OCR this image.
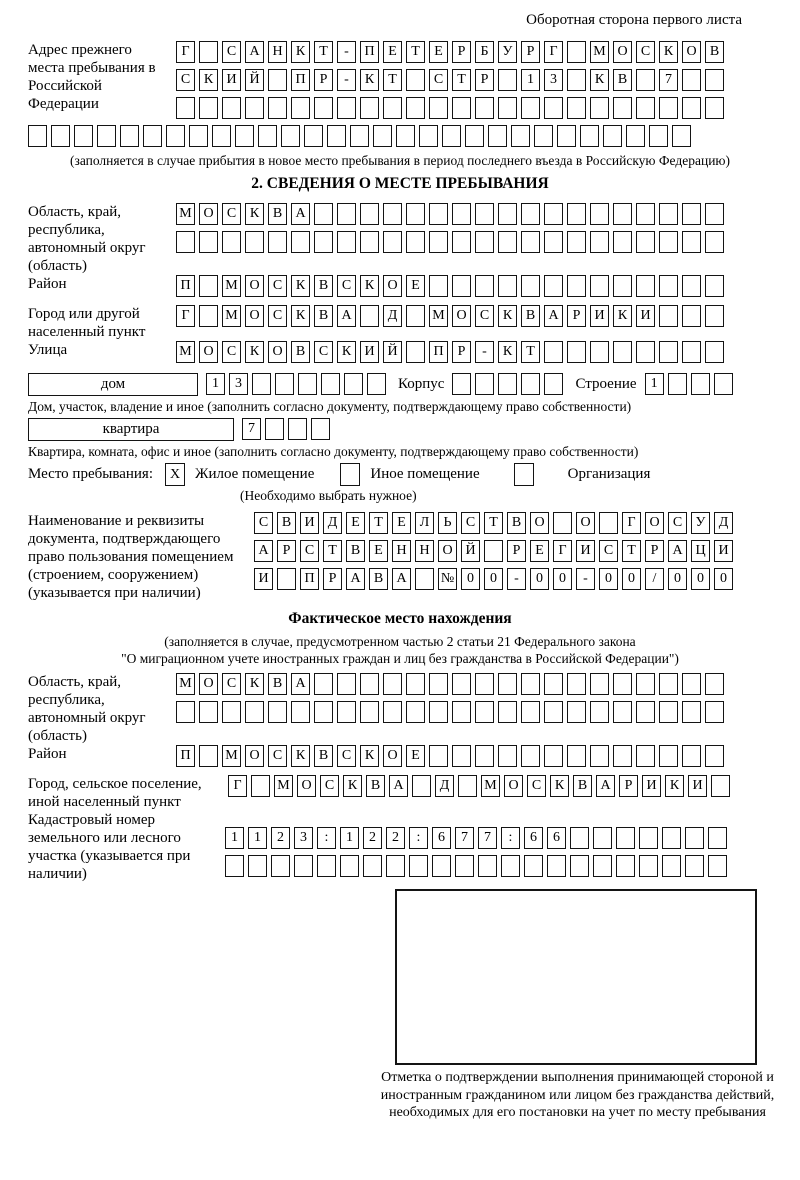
Оборотная сторона первого листа
Адрес прежнего места пребывания в Российской Федерации
Г	С А Н К	Т	-	П Е	Т	Е	Р	Б	У	Р	Г	М О С К О В
С К И Й	П	Р	-	К	Т	С	Т	Р	1	3	К В	7
(заполняется в случае прибытия в новое место пребывания в период последнего въезда в Российскую Федерацию)
2. СВЕДЕНИЯ О МЕСТЕ ПРЕБЫВАНИЯ
Область, край, республика, автономный округ (область)
М О С К В А
Район	П	М О С К В С К О Е
Город или другой населенный пункт
Г	М О С К В А	Д	М О С К В А	Р	И К И
Улица	М О С К О В С К И Й	П	Р	-	К	Т
дом	1	3	Корпус	Строение	1
Дом, участок, владение и иное (заполнить согласно документу, подтверждающему право собственности)
квартира	7
Квартира, комната, офис и иное (заполнить согласно документу, подтверждающему право собственности)
Место пребывания:	X Жилое помещение	Иное помещение	Организация
(Необходимо выбрать нужное)
Наименование и реквизиты документа, подтверждающего право пользования помещением (строением, сооружением) (указывается при наличии)
С В И Д Е	Т	Е Л	Ь	С	Т	В О	О	Г О С У Д
А	Р	С	Т	В	Е Н Н О Й	Р	Е	Г И С	Т	Р	А Ц И
И	П	Р	А В А	№ 0	0	-	0	0	-	0	0	/	0	0	0
Фактическое место нахождения
(заполняется в случае, предусмотренном частью 2 статьи 21 Федерального закона
"О миграционном учете иностранных граждан и лиц без гражданства в Российской Федерации")
Область, край, республика, автономный округ (область)
М О С К В А
Район	П	М О С К В С К О Е
Город, сельское поселение, иной населенный пункт
Г	М О С К В А	Д	М О С К В А	Р	И К И
Кадастровый номер земельного или лесного участка (указывается при наличии)
1	1	2	3	:	1	2	2	:	6	7	7	:	6	6
Отметка о подтверждении выполнения принимающей стороной и иностранным гражданином или лицом без гражданства действий, необходимых для его постановки на учет по месту пребывания
